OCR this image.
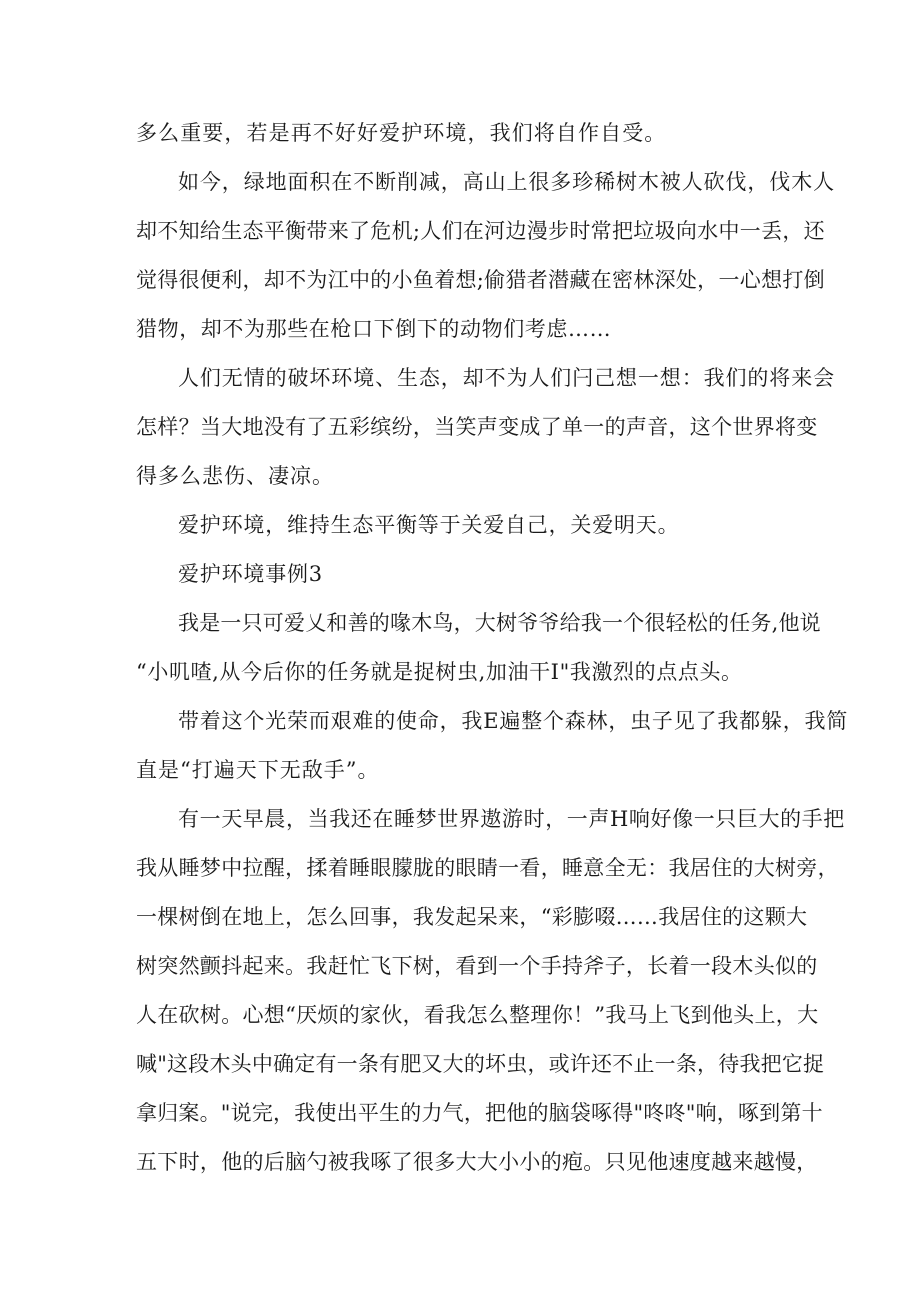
多么重要，若是再不好好爱护环境，我们将自作自受。
如今，绿地面积在不断削减，高山上很多珍稀树木被人砍伐，伐木人
却不知给生态平衡带来了危机;人们在河边漫步时常把垃圾向水中一丢，还
觉得很便利，却不为江中的小鱼着想;偷猎者潜藏在密林深处，一心想打倒
猎物，却不为那些在枪口下倒下的动物们考虑……
人们无情的破坏环境、生态，却不为人们闩己想一想：我们的将来会
怎样？当大地没有了五彩缤纷，当笑声变成了单一的声音，这个世界将变
得多么悲伤、凄凉。
爱护环境，维持生态平衡等于关爱自己，关爱明天。
爱护环境事例3
我是一只可爱乂和善的喙木鸟，大树爷爷给我一个很轻松的任务,他说
“小叽喳,从今后你的任务就是捉树虫,加油干I"我激烈的点点头。
带着这个光荣而艰难的使命，我E遍整个森林，虫子见了我都躲，我简
直是“打遍天下无敌手”。
有一天早晨，当我还在睡梦世界遨游时，一声H响好像一只巨大的手把
我从睡梦中拉醒，揉着睡眼朦胧的眼睛一看，睡意全无：我居住的大树旁，
一棵树倒在地上，怎么回事，我发起呆来，“彩膨啜……我居住的这颗大
树突然颤抖起来。我赶忙飞下树，看到一个手持斧子，长着一段木头似的
人在砍树。心想“厌烦的家伙，看我怎么整理你！”我马上飞到他头上，大
喊"这段木头中确定有一条有肥又大的坏虫，或许还不止一条，待我把它捉
拿归案。"说完，我使出平生的力气，把他的脑袋啄得"咚咚"响，啄到第十
五下时，他的后脑勺被我啄了很多大大小小的疱。只见他速度越来越慢，
